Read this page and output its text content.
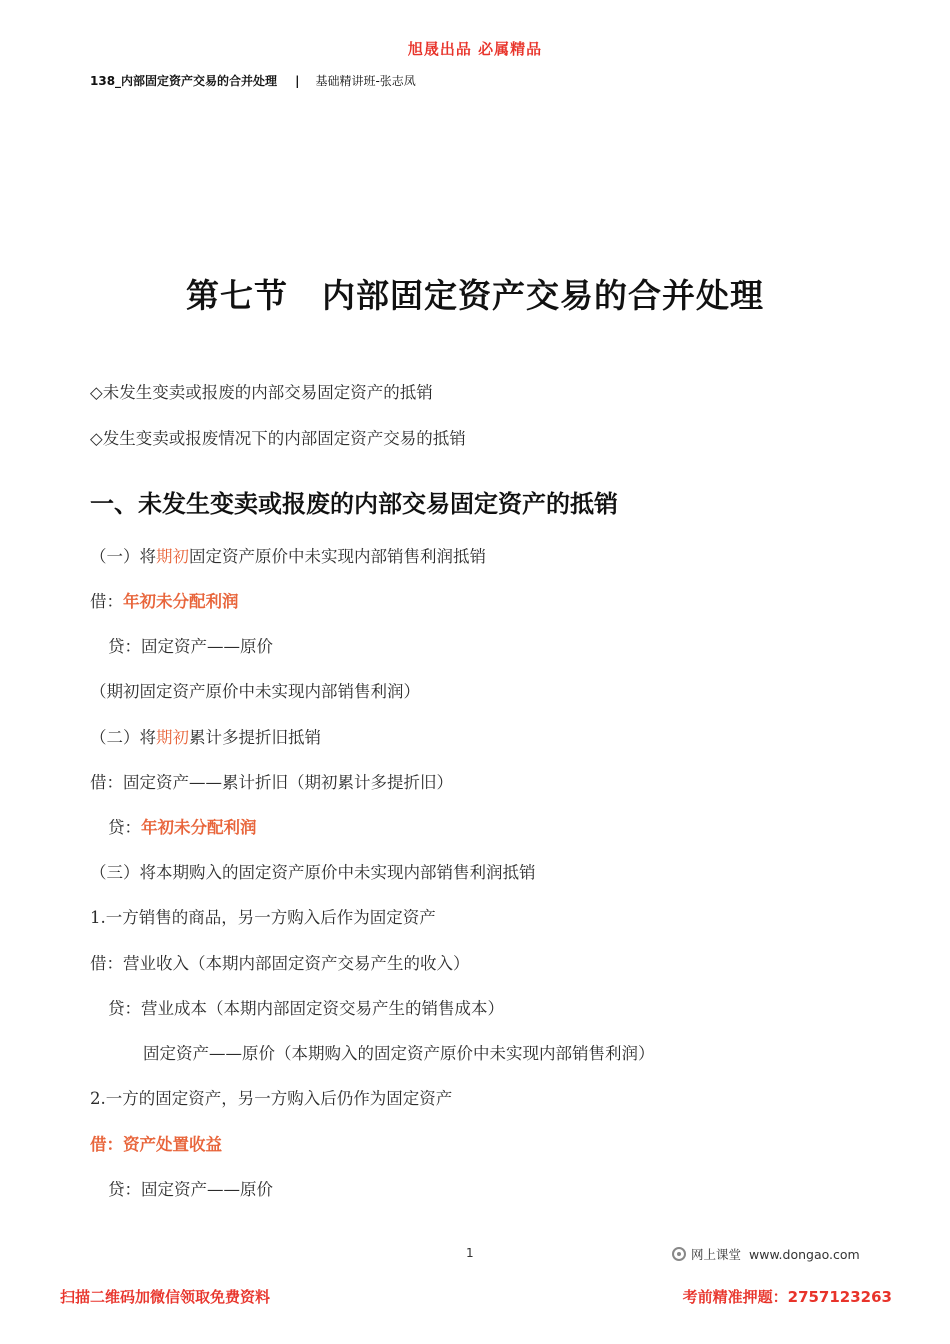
旭晟出品 必属精品
138_内部固定资产交易的合并处理 | 基础精讲班-张志凤
第七节　内部固定资产交易的合并处理
◇未发生变卖或报废的内部交易固定资产的抵销
◇发生变卖或报废情况下的内部固定资产交易的抵销
一、未发生变卖或报废的内部交易固定资产的抵销
（一）将期初固定资产原价中未实现内部销售利润抵销
借：年初未分配利润
贷：固定资产——原价
（期初固定资产原价中未实现内部销售利润）
（二）将期初累计多提折旧抵销
借：固定资产——累计折旧（期初累计多提折旧）
贷：年初未分配利润
（三）将本期购入的固定资产原价中未实现内部销售利润抵销
1.一方销售的商品，另一方购入后作为固定资产
借：营业收入（本期内部固定资产交易产生的收入）
贷：营业成本（本期内部固定资交易产生的销售成本）
固定资产——原价（本期购入的固定资产原价中未实现内部销售利润）
2.一方的固定资产，另一方购入后仍作为固定资产
借：资产处置收益
贷：固定资产——原价
1	网上课堂 www.dongao.com
扫描二维码加微信领取免费资料	考前精准押题：2757123263
